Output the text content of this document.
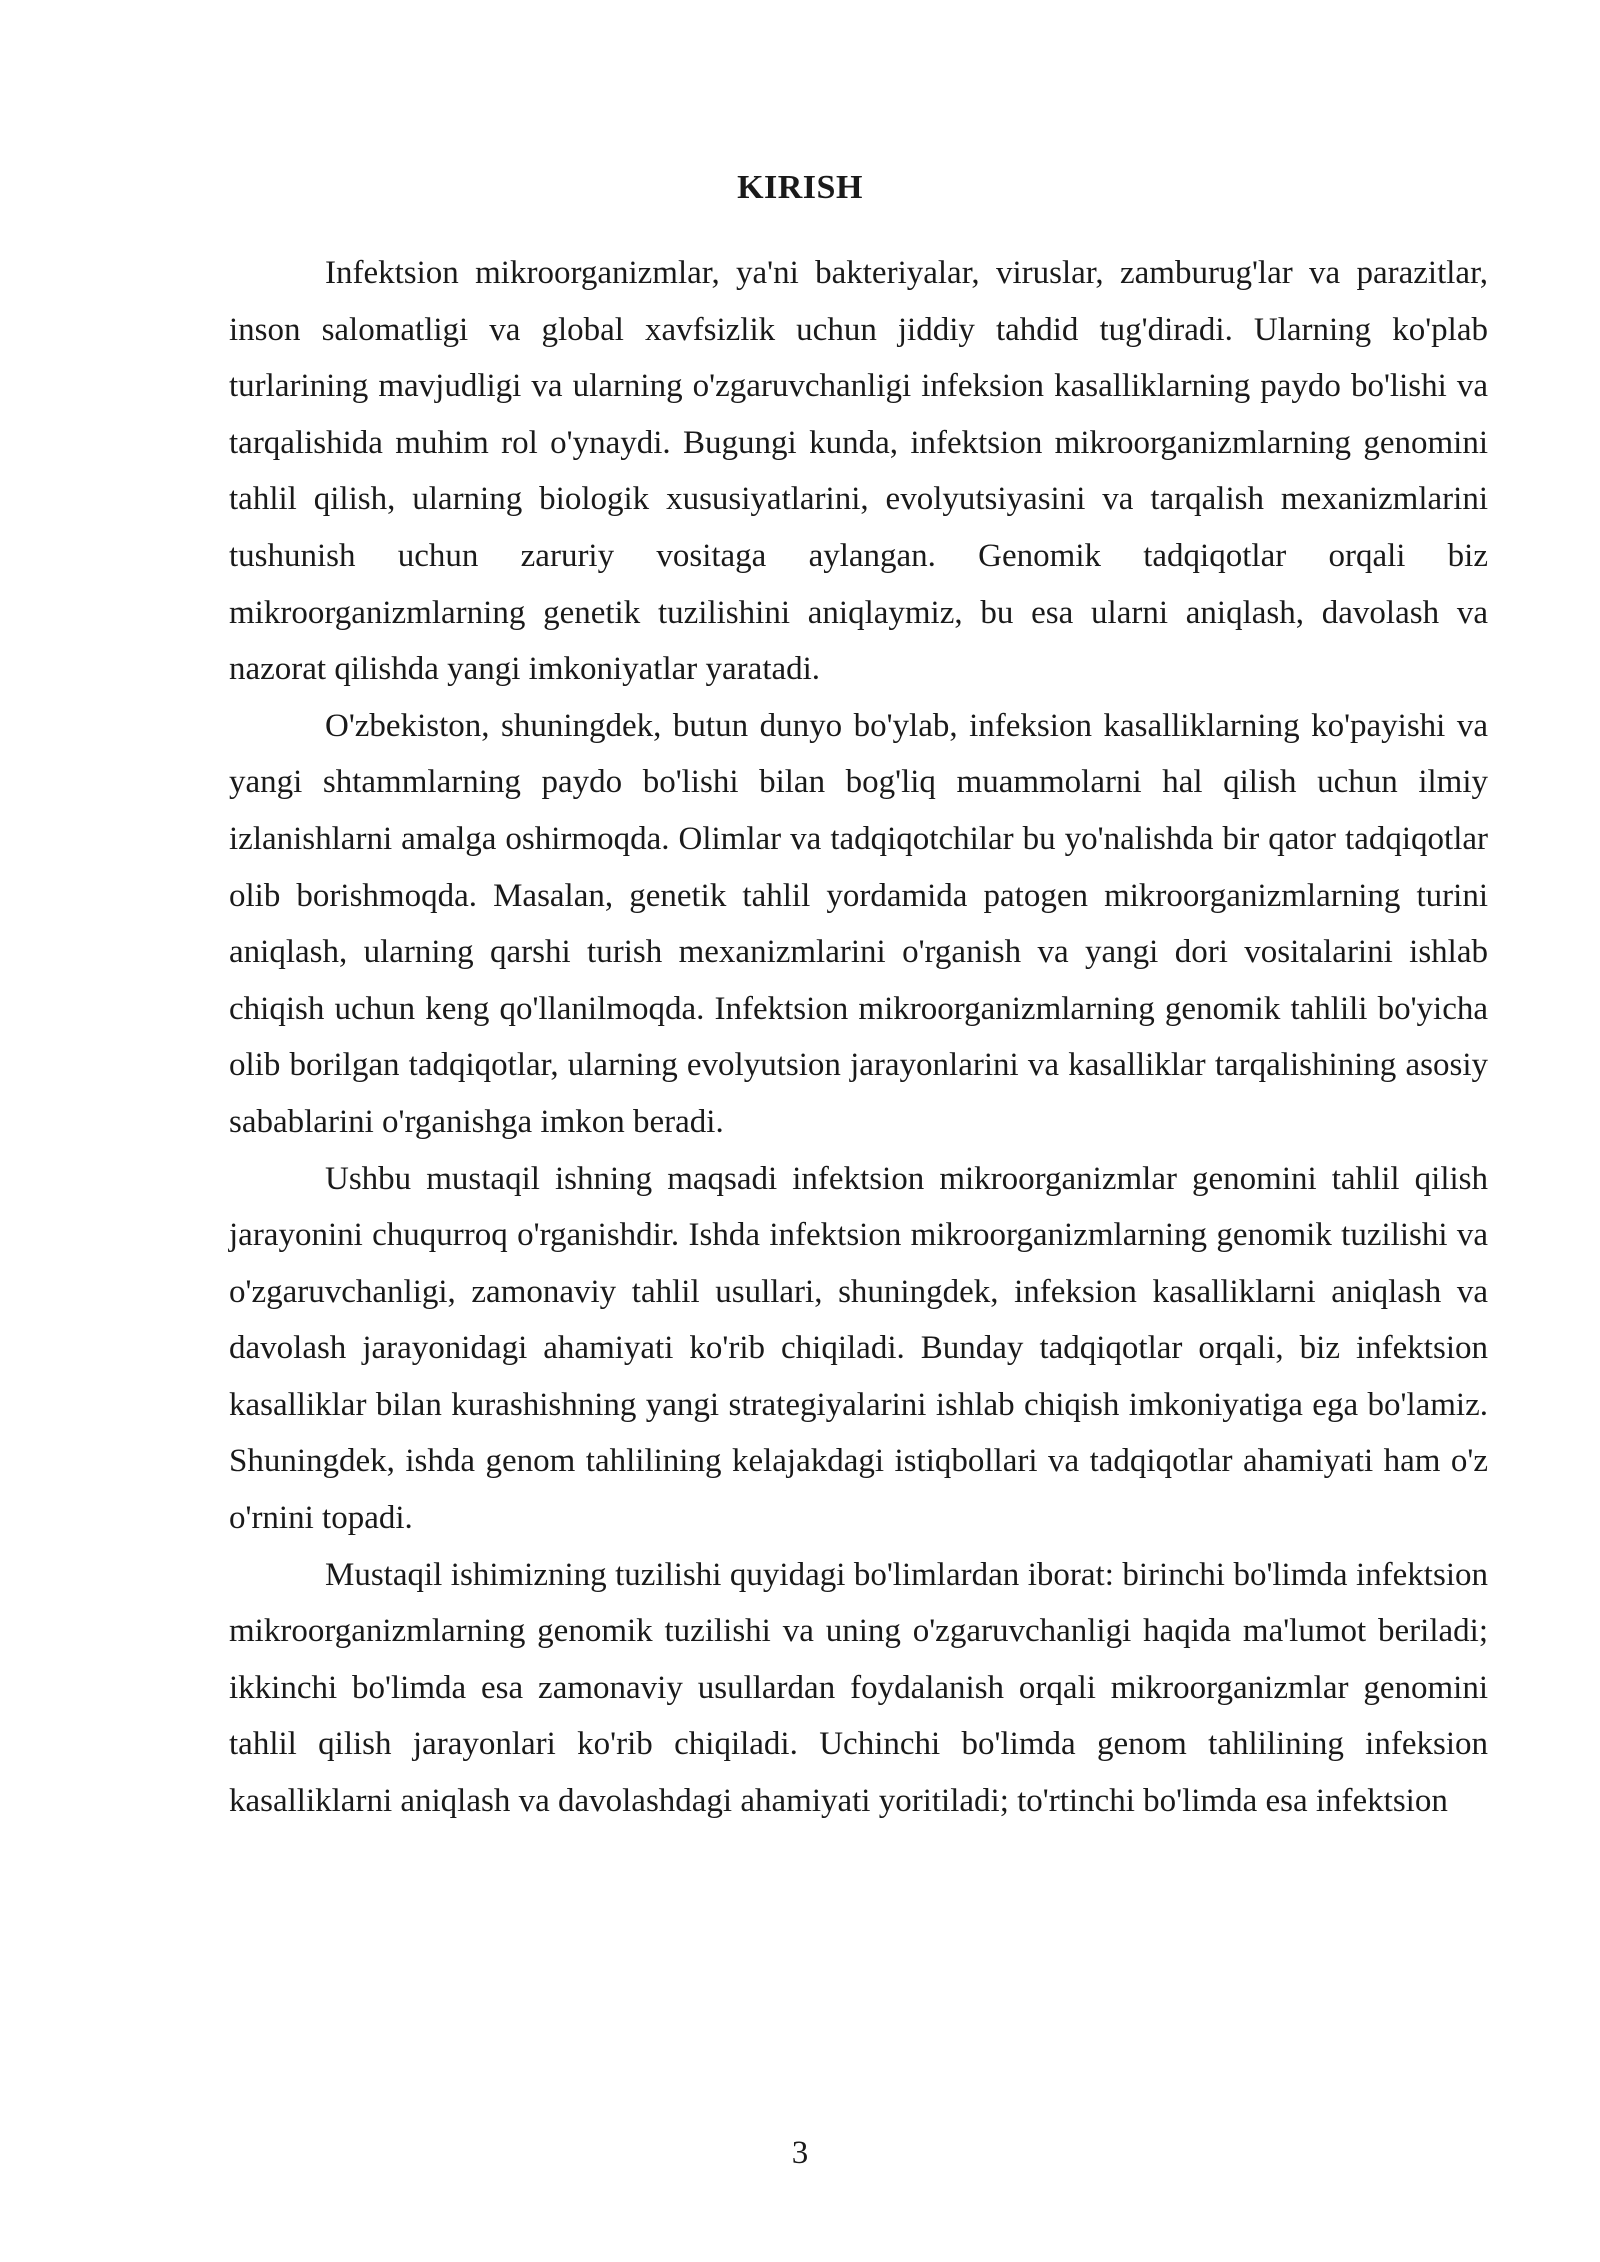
KIRISH

Infektsion mikroorganizmlar, ya'ni bakteriyalar, viruslar, zamburug'lar va parazitlar, inson salomatligi va global xavfsizlik uchun jiddiy tahdid tug'diradi. Ularning ko'plab turlarining mavjudligi va ularning o'zgaruvchanligi infeksion kasalliklarning paydo bo'lishi va tarqalishida muhim rol o'ynaydi. Bugungi kunda, infektsion mikroorganizmlarning genomini tahlil qilish, ularning biologik xususiyatlarini, evolyutsiyasini va tarqalish mexanizmlarini tushunish uchun zaruriy vositaga aylangan. Genomik tadqiqotlar orqali biz mikroorganizmlarning genetik tuzilishini aniqlaymiz, bu esa ularni aniqlash, davolash va nazorat qilishda yangi imkoniyatlar yaratadi.

O'zbekiston, shuningdek, butun dunyo bo'ylab, infeksion kasalliklarning ko'payishi va yangi shtammlarning paydo bo'lishi bilan bog'liq muammolarni hal qilish uchun ilmiy izlanishlarni amalga oshirmoqda. Olimlar va tadqiqotchilar bu yo'nalishda bir qator tadqiqotlar olib borishmoqda. Masalan, genetik tahlil yordamida patogen mikroorganizmlarning turini aniqlash, ularning qarshi turish mexanizmlarini o'rganish va yangi dori vositalarini ishlab chiqish uchun keng qo'llanilmoqda. Infektsion mikroorganizmlarning genomik tahlili bo'yicha olib borilgan tadqiqotlar, ularning evolyutsion jarayonlarini va kasalliklar tarqalishining asosiy sabablarini o'rganishga imkon beradi.

Ushbu mustaqil ishning maqsadi infektsion mikroorganizmlar genomini tahlil qilish jarayonini chuqurroq o'rganishdir. Ishda infektsion mikroorganizmlarning genomik tuzilishi va o'zgaruvchanligi, zamonaviy tahlil usullari, shuningdek, infeksion kasalliklarni aniqlash va davolash jarayonidagi ahamiyati ko'rib chiqiladi. Bunday tadqiqotlar orqali, biz infektsion kasalliklar bilan kurashishning yangi strategiyalarini ishlab chiqish imkoniyatiga ega bo'lamiz. Shuningdek, ishda genom tahlilining kelajakdagi istiqbollari va tadqiqotlar ahamiyati ham o'z o'rnini topadi.

Mustaqil ishimizning tuzilishi quyidagi bo'limlardan iborat: birinchi bo'limda infektsion mikroorganizmlarning genomik tuzilishi va uning o'zgaruvchanligi haqida ma'lumot beriladi; ikkinchi bo'limda esa zamonaviy usullardan foydalanish orqali mikroorganizmlar genomini tahlil qilish jarayonlari ko'rib chiqiladi. Uchinchi bo'limda genom tahlilining infeksion kasalliklarni aniqlash va davolashdagi ahamiyati yoritiladi; to'rtinchi bo'limda esa infektsion

3
